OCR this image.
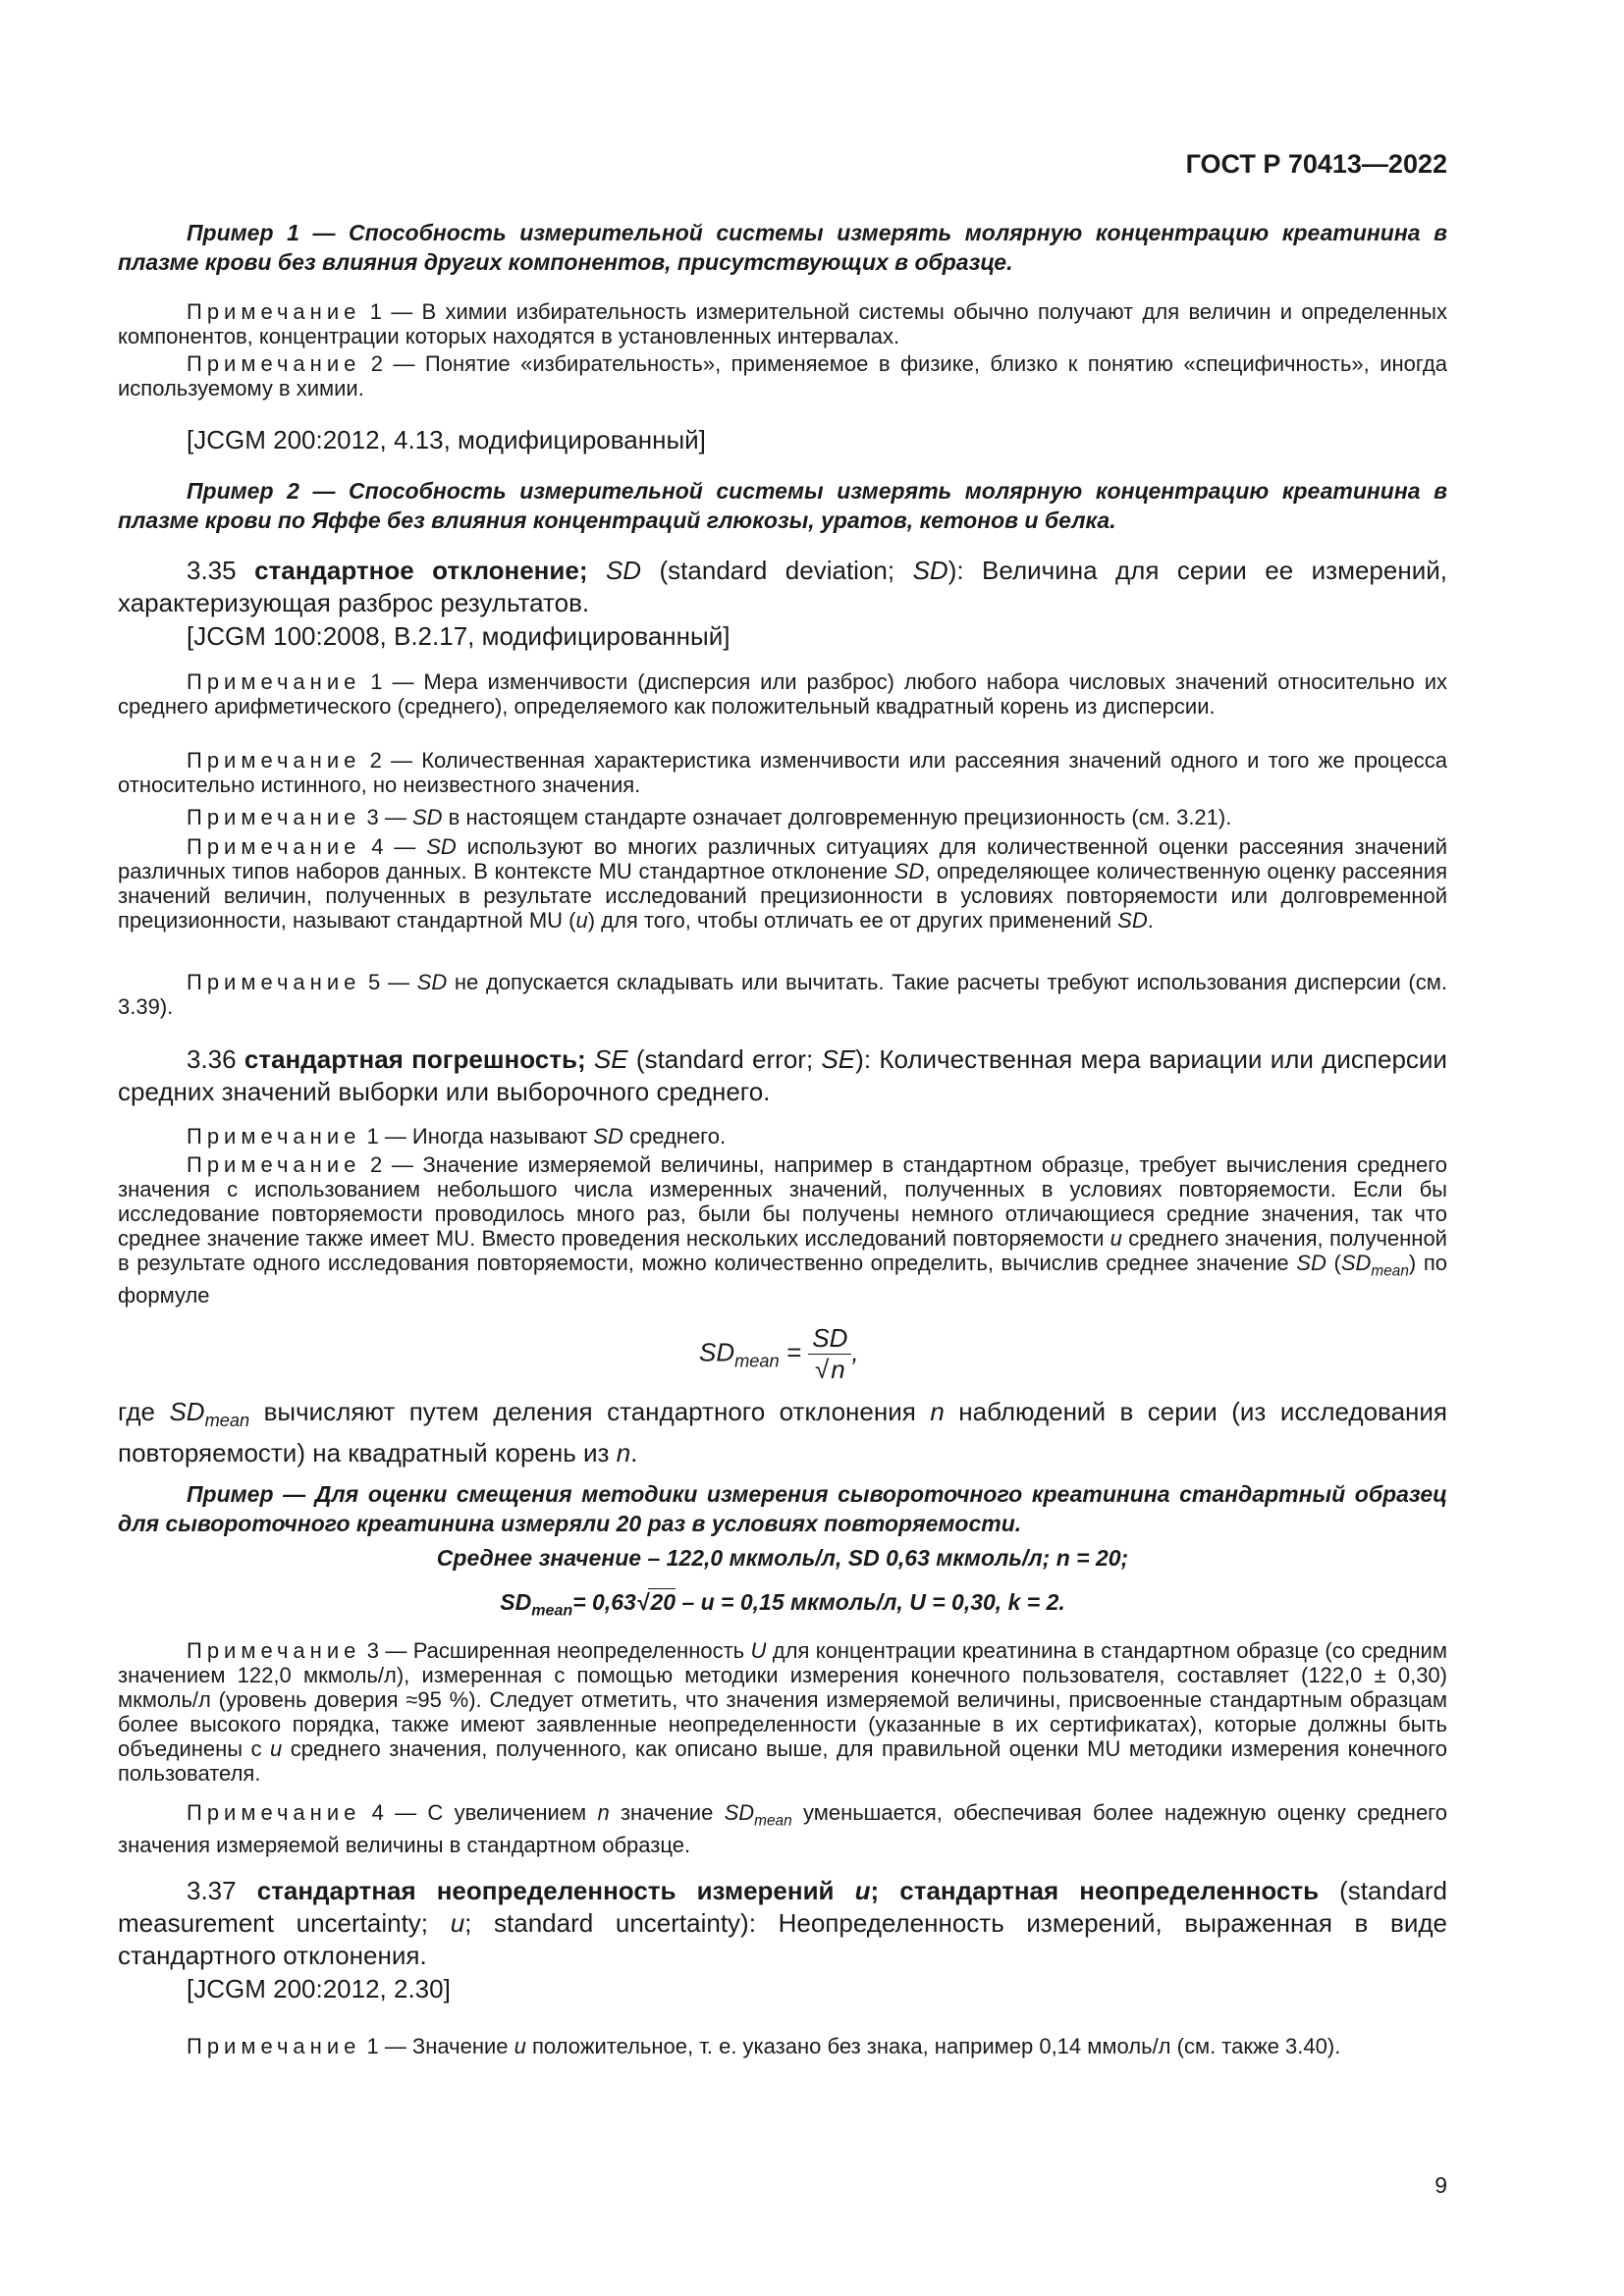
ГОСТ Р 70413—2022

Пример 1 — Способность измерительной системы измерять молярную концентрацию креатинина в плазме крови без влияния других компонентов, присутствующих в образце.

Примечание 1 — В химии избирательность измерительной системы обычно получают для величин и определенных компонентов, концентрации которых находятся в установленных интервалах.

Примечание 2 — Понятие «избирательность», применяемое в физике, близко к понятию «специфичность», иногда используемому в химии.

[JCGM 200:2012, 4.13, модифицированный]

Пример 2 — Способность измерительной системы измерять молярную концентрацию креатинина в плазме крови по Яффе без влияния концентраций глюкозы, уратов, кетонов и белка.

3.35 стандартное отклонение; SD (standard deviation; SD): Величина для серии ее измерений, характеризующая разброс результатов.

[JCGM 100:2008, B.2.17, модифицированный]

Примечание 1 — Мера изменчивости (дисперсия или разброс) любого набора числовых значений относительно их среднего арифметического (среднего), определяемого как положительный квадратный корень из дисперсии.

Примечание 2 — Количественная характеристика изменчивости или рассеяния значений одного и того же процесса относительно истинного, но неизвестного значения.

Примечание 3 — SD в настоящем стандарте означает долговременную прецизионность (см. 3.21).

Примечание 4 — SD используют во многих различных ситуациях для количественной оценки рассеяния значений различных типов наборов данных. В контексте MU стандартное отклонение SD, определяющее количественную оценку рассеяния значений величин, полученных в результате исследований прецизионности в условиях повторяемости или долговременной прецизионности, называют стандартной MU (u) для того, чтобы отличать ее от других применений SD.

Примечание 5 — SD не допускается складывать или вычитать. Такие расчеты требуют использования дисперсии (см. 3.39).

3.36 стандартная погрешность; SE (standard error; SE): Количественная мера вариации или дисперсии средних значений выборки или выборочного среднего.

Примечание 1 — Иногда называют SD среднего.

Примечание 2 — Значение измеряемой величины, например в стандартном образце, требует вычисления среднего значения с использованием небольшого числа измеренных значений, полученных в условиях повторяемости. Если бы исследование повторяемости проводилось много раз, были бы получены немного отличающиеся средние значения, так что среднее значение также имеет MU. Вместо проведения нескольких исследований повторяемости u среднего значения, полученной в результате одного исследования повторяемости, можно количественно определить, вычислив среднее значение SD $(SD_{mean})$ по формуле

$SD_{mean} = \frac{SD}{√n}$ ,

где $SD_{mean}$ вычисляют путем деления стандартного отклонения n наблюдений в серии (из исследования повторяемости) на квадратный корень из n.

Пример — Для оценки смещения методики измерения сывороточного креатинина стандартный образец для сывороточного креатинина измеряли 20 раз в условиях повторяемости.

Среднее значение – 122,0 мкмоль/л, SD 0,63 мкмоль/л; n = 20;

$SD_{mean}= 0,63√20 - u = 0,15$ мкмоль/л, U = 0,30, k = 2.

Примечание 3 — Расширенная неопределенность U для концентрации креатинина в стандартном образце (со средним значением 122,0 мкмоль/л), измеренная с помощью методики измерения конечного пользователя, составляет (122,0 ± 0,30) мкмоль/л (уровень доверия ≈95 %). Следует отметить, что значения измеряемой величины, присвоенные стандартным образцам более высокого порядка, также имеют заявленные неопределенности (указанные в их сертификатах), которые должны быть объединены с u среднего значения, полученного, как описано выше, для правильной оценки MU методики измерения конечного пользователя.

Примечание 4 — С увеличением n значение $SD_{mean}$ уменьшается, обеспечивая более надежную оценку среднего значения измеряемой величины в стандартном образце.

3.37 стандартная неопределенность измерений u; стандартная неопределенность (standard measurement uncertainty; u; standard uncertainty): Неопределенность измерений, выраженная в виде стандартного отклонения.

[JCGM 200:2012, 2.30]

Примечание 1 — Значение u положительное, т. е. указано без знака, например 0,14 ммоль/л (см. также 3.40).

9
